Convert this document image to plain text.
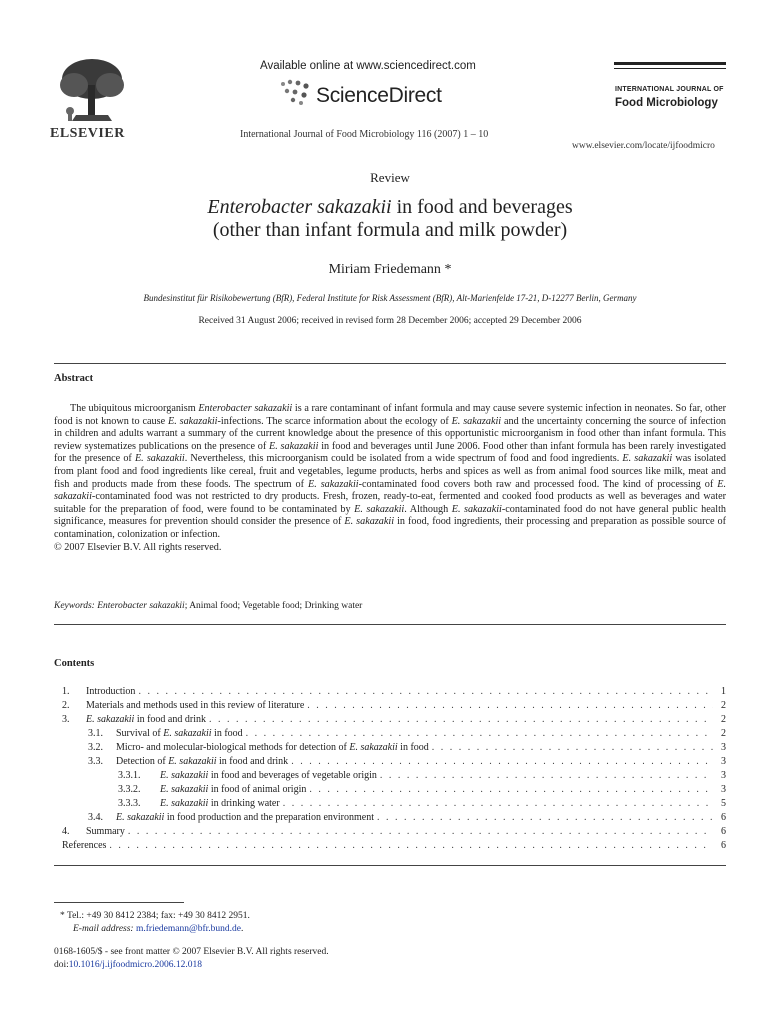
ELSEVIER
Available online at www.sciencedirect.com
ScienceDirect
International Journal of Food Microbiology 116 (2007) 1 – 10
INTERNATIONAL JOURNAL OF
Food Microbiology
www.elsevier.com/locate/ijfoodmicro
Review
Enterobacter sakazakii in food and beverages
(other than infant formula and milk powder)
Miriam Friedemann *
Bundesinstitut für Risikobewertung (BfR), Federal Institute for Risk Assessment (BfR), Alt-Marienfelde 17-21, D-12277 Berlin, Germany
Received 31 August 2006; received in revised form 28 December 2006; accepted 29 December 2006
Abstract

The ubiquitous microorganism Enterobacter sakazakii is a rare contaminant of infant formula and may cause severe systemic infection in neonates. So far, other food is not known to cause E. sakazakii-infections. The scarce information about the ecology of E. sakazakii and the uncertainty concerning the source of infection in children and adults warrant a summary of the current knowledge about the presence of this opportunistic microorganism in food other than infant formula. This review systematizes publications on the presence of E. sakazakii in food and beverages until June 2006. Food other than infant formula has been rarely investigated for the presence of E. sakazakii. Nevertheless, this microorganism could be isolated from a wide spectrum of food and food ingredients. E. sakazakii was isolated from plant food and food ingredients like cereal, fruit and vegetables, legume products, herbs and spices as well as from animal food sources like milk, meat and fish and products made from these foods. The spectrum of E. sakazakii-contaminated food covers both raw and processed food. The kind of processing of E. sakazakii-contaminated food was not restricted to dry products. Fresh, frozen, ready-to-eat, fermented and cooked food products as well as beverages and water suitable for the preparation of food, were found to be contaminated by E. sakazakii. Although E. sakazakii-contaminated food do not have general public health significance, measures for prevention should consider the presence of E. sakazakii in food, food ingredients, their processing and preparation as possible source of contamination, colonization or infection.

© 2007 Elsevier B.V. All rights reserved.
Keywords: Enterobacter sakazakii; Animal food; Vegetable food; Drinking water
Contents
1.	Introduction . . .	1
2.	Materials and methods used in this review of literature . . .	2
3.	E. sakazakii in food and drink . . .	2
3.1.	Survival of E. sakazakii in food . . .	2
3.2.	Micro- and molecular-biological methods for detection of E. sakazakii in food . . .	3
3.3.	Detection of E. sakazakii in food and drink . . .	3
3.3.1.	E. sakazakii in food and beverages of vegetable origin . . .	3
3.3.2.	E. sakazakii in food of animal origin . . .	3
3.3.3.	E. sakazakii in drinking water . . .	5
3.4.	E. sakazakii in food production and the preparation environment . . .	6
4.	Summary . . .	6
References . . .	6
* Tel.: +49 30 8412 2384; fax: +49 30 8412 2951.
E-mail address: m.friedemann@bfr.bund.de.
0168-1605/$ - see front matter © 2007 Elsevier B.V. All rights reserved.
doi:10.1016/j.ijfoodmicro.2006.12.018
